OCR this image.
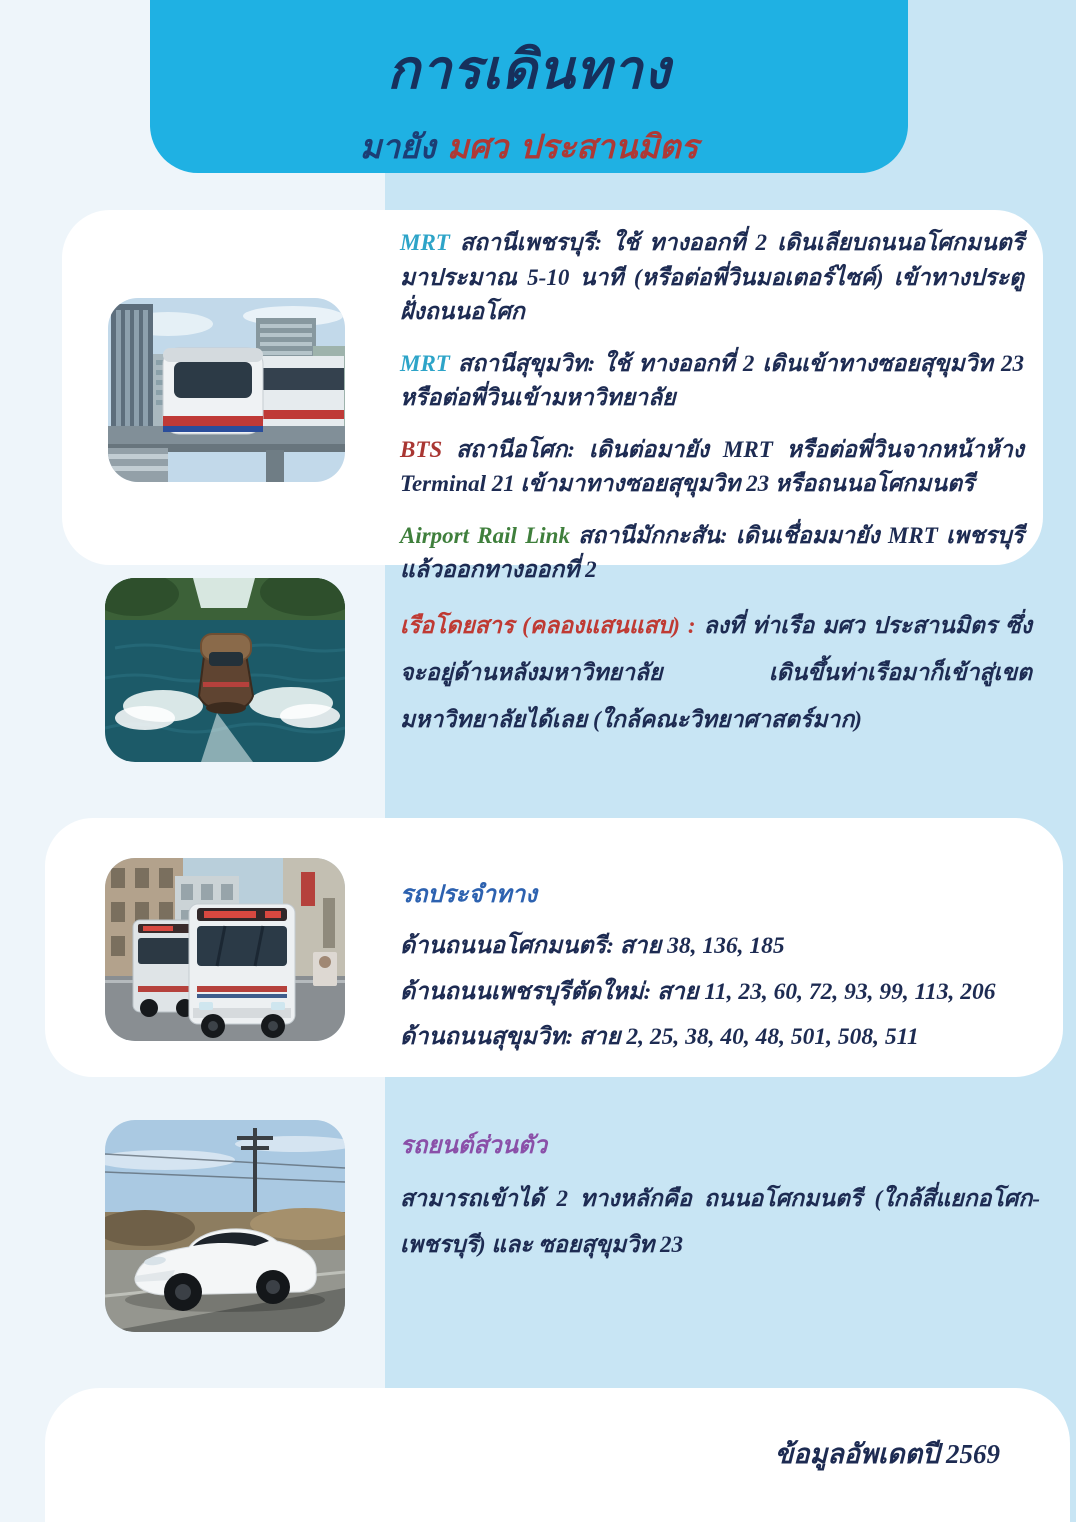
การเดินทาง
มายัง มศว ประสานมิตร

MRT สถานีเพชรบุรี: ใช้ ทางออกที่ 2 เดินเลียบถนนอโศกมนตรีมาประมาณ 5-10 นาที (หรือต่อพี่วินมอเตอร์ไซค์) เข้าทางประตูฝั่งถนนอโศก

MRT สถานีสุขุมวิท: ใช้ ทางออกที่ 2 เดินเข้าทางซอยสุขุมวิท 23 หรือต่อพี่วินเข้ามหาวิทยาลัย

BTS สถานีอโศก: เดินต่อมายัง MRT หรือต่อพี่วินจากหน้าห้าง Terminal 21 เข้ามาทางซอยสุขุมวิท 23 หรือถนนอโศกมนตรี

Airport Rail Link สถานีมักกะสัน: เดินเชื่อมมายัง MRT เพชรบุรี แล้วออกทางออกที่ 2

เรือโดยสาร (คลองแสนแสบ) : ลงที่ ท่าเรือ มศว ประสานมิตร ซึ่งจะอยู่ด้านหลังมหาวิทยาลัย เดินขึ้นท่าเรือมาก็เข้าสู่เขตมหาวิทยาลัยได้เลย (ใกล้คณะวิทยาศาสตร์มาก)

รถประจำทาง

ด้านถนนอโศกมนตรี: สาย 38, 136, 185

ด้านถนนเพชรบุรีตัดใหม่: สาย 11, 23, 60, 72, 93, 99, 113, 206

ด้านถนนสุขุมวิท: สาย 2, 25, 38, 40, 48, 501, 508, 511

รถยนต์ส่วนตัว

สามารถเข้าได้ 2 ทางหลักคือ ถนนอโศกมนตรี (ใกล้สี่แยกอโศก-เพชรบุรี) และ ซอยสุขุมวิท 23

ข้อมูลอัพเดตปี 2569
